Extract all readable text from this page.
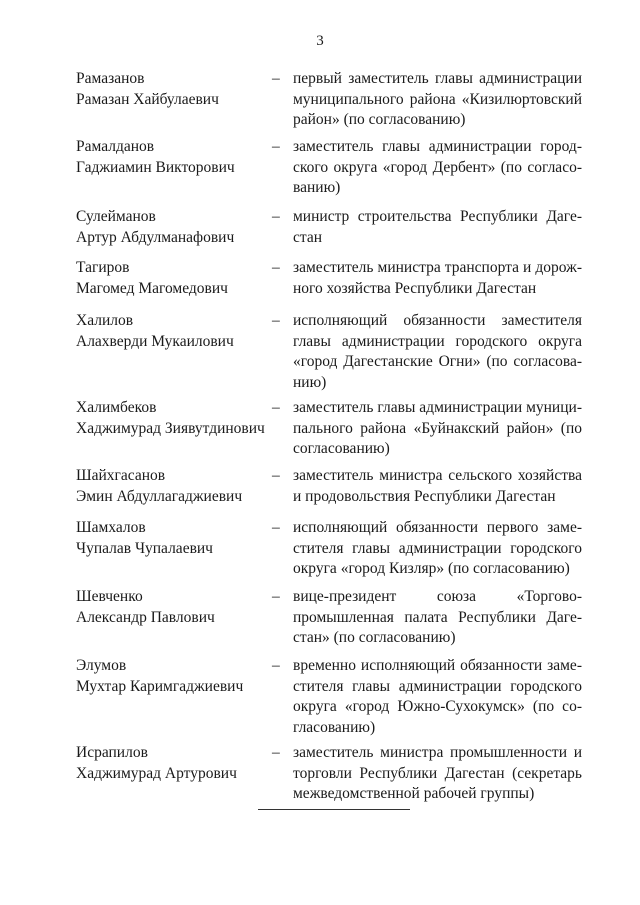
3
Рамазанов
Рамазан Хайбулаевич
– первый заместитель главы администрации муниципального района «Кизилюртовский район» (по согласованию)
Рамалданов
Гаджиамин Викторович
– заместитель главы администрации городского округа «город Дербент» (по согласованию)
Сулейманов
Артур Абдулманафович
– министр строительства Республики Дагестан
Тагиров
Магомед Магомедович
– заместитель министра транспорта и дорожного хозяйства Республики Дагестан
Халилов
Алахверди Мукаилович
– исполняющий обязанности заместителя главы администрации городского округа «город Дагестанские Огни» (по согласованию)
Халимбеков
Хаджимурад Зиявутдинович
– заместитель главы администрации муниципального района «Буйнакский район» (по согласованию)
Шайхгасанов
Эмин Абдуллагаджиевич
– заместитель министра сельского хозяйства и продовольствия Республики Дагестан
Шамхалов
Чупалав Чупалаевич
– исполняющий обязанности первого заместителя главы администрации городского округа «город Кизляр» (по согласованию)
Шевченко
Александр Павлович
– вице-президент союза «Торгово-промышленная палата Республики Дагестан» (по согласованию)
Элумов
Мухтар Каримгаджиевич
– временно исполняющий обязанности заместителя главы администрации городского округа «город Южно-Сухокумск» (по согласованию)
Исрапилов
Хаджимурад Артурович
– заместитель министра промышленности и торговли Республики Дагестан (секретарь межведомственной рабочей группы)
